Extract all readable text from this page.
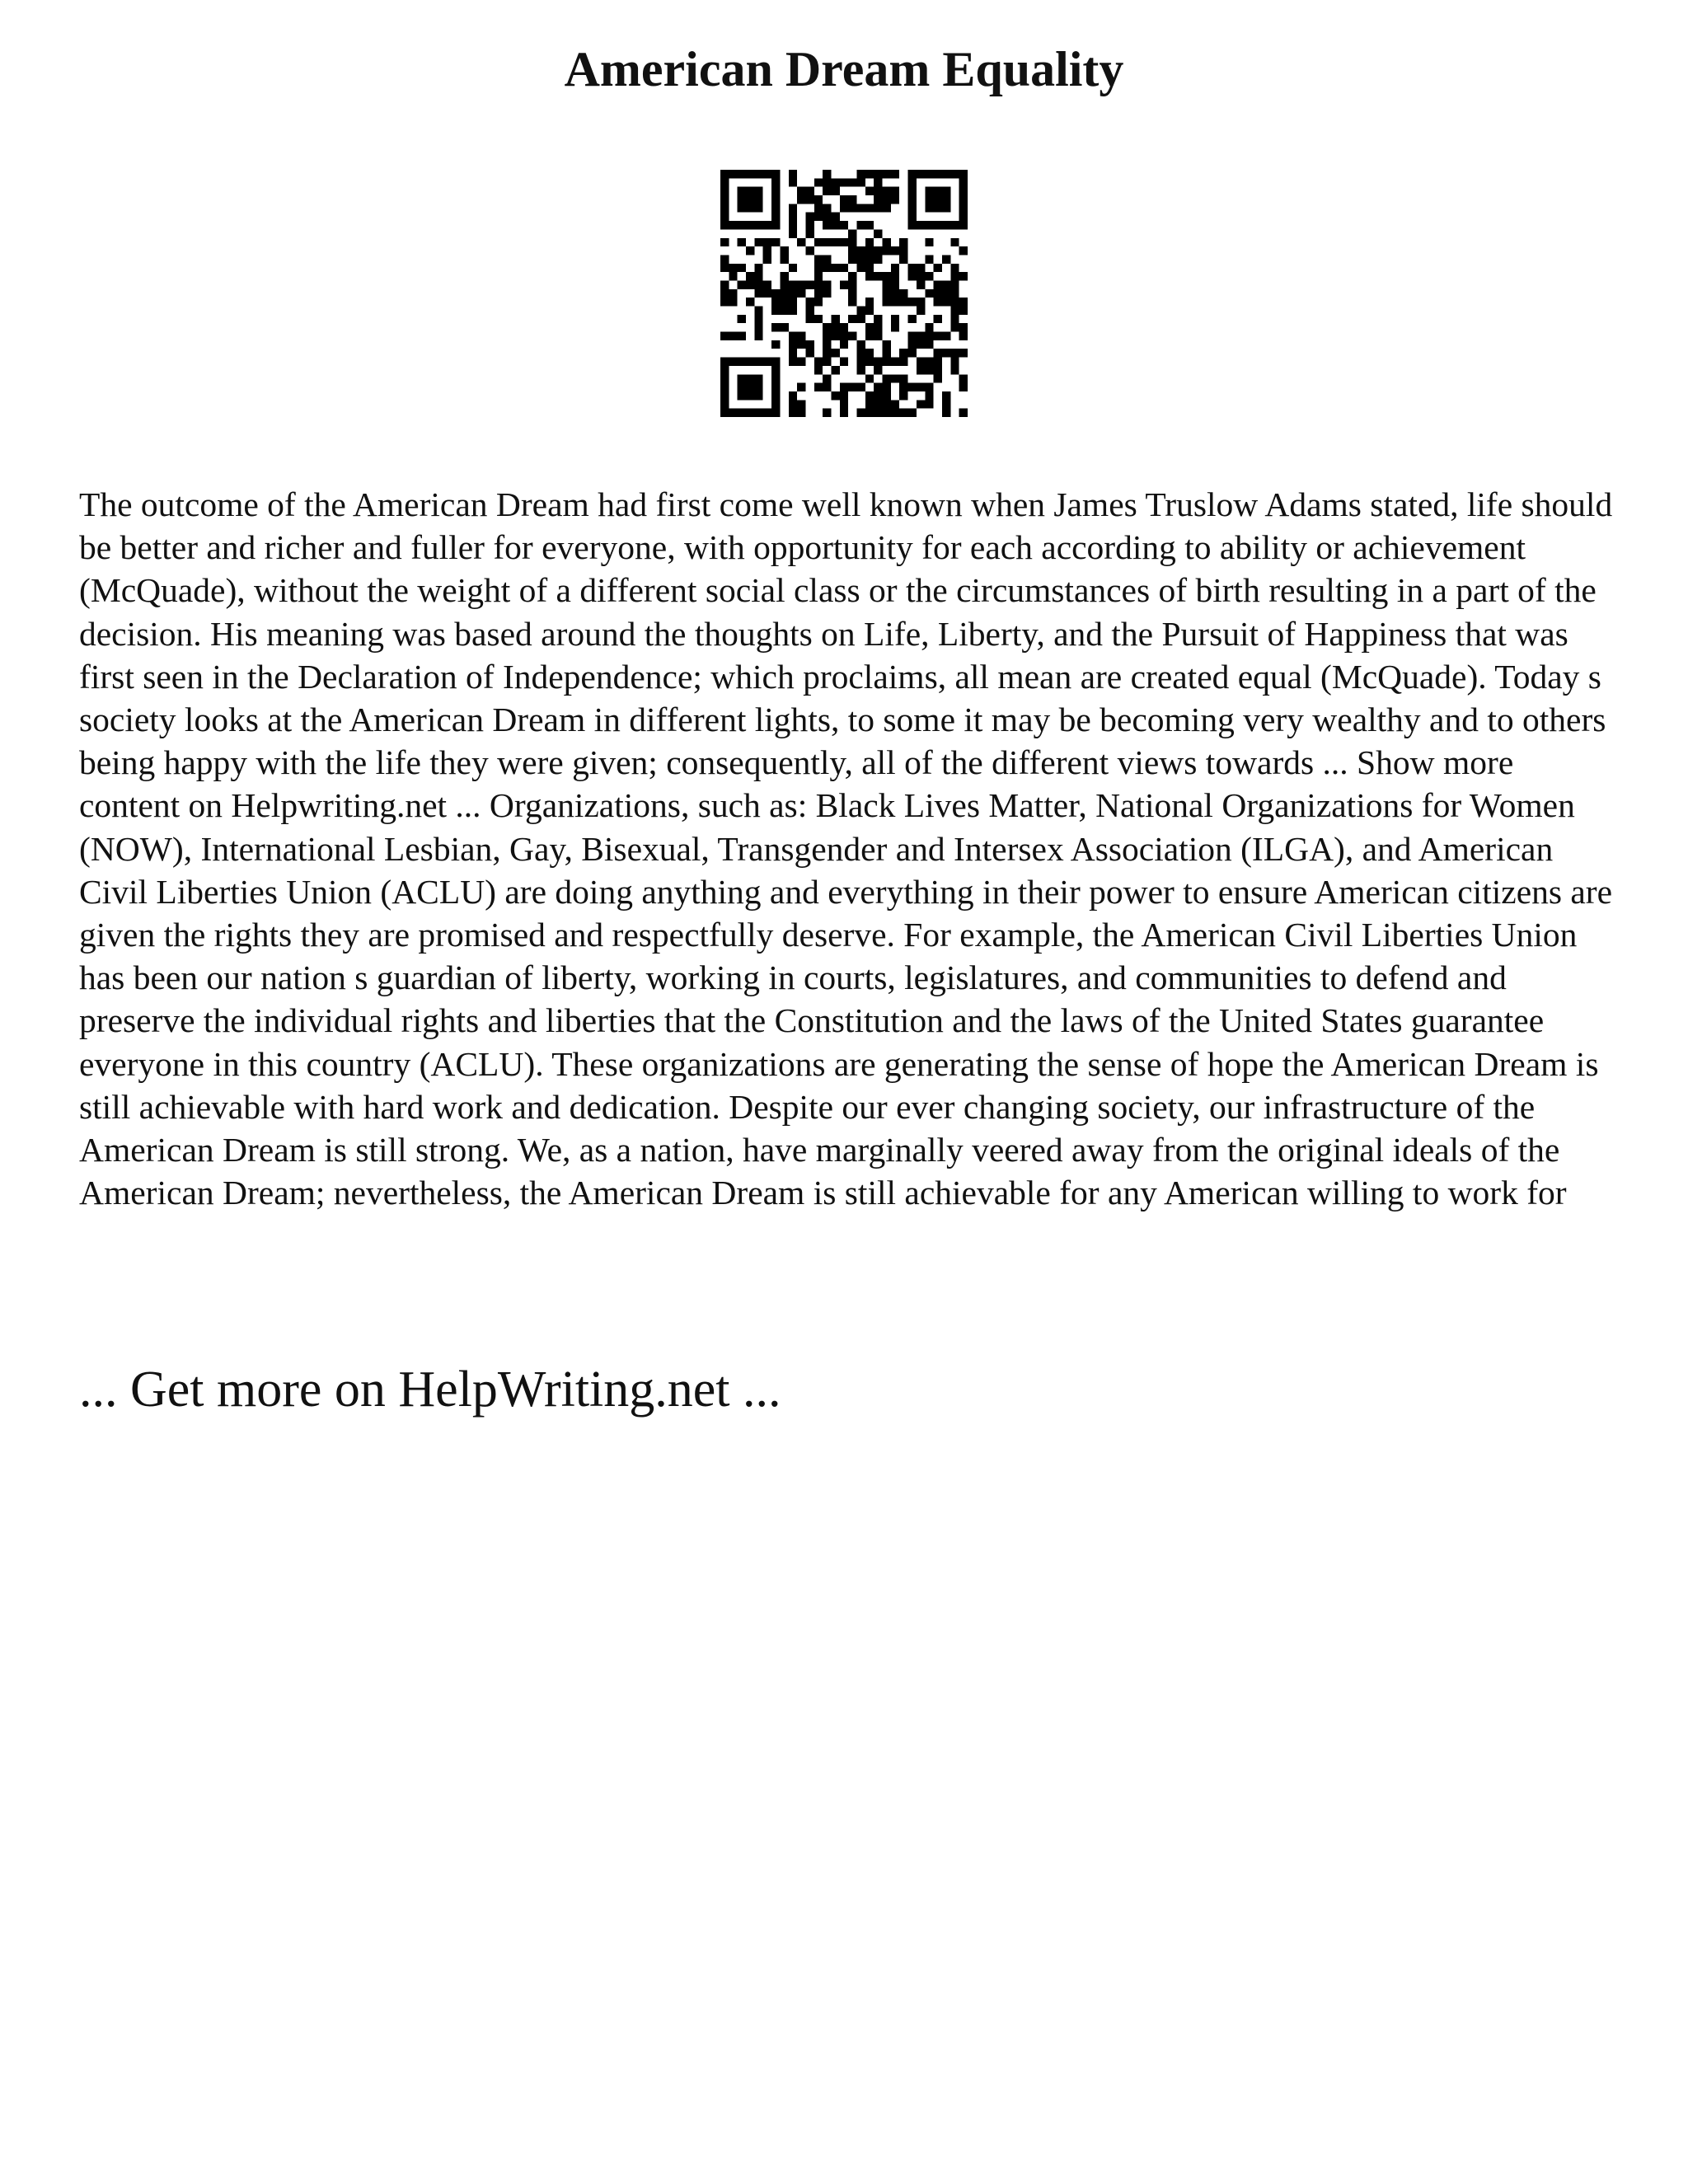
American Dream Equality

The outcome of the American Dream had first come well known when James Truslow Adams stated, life should be better and richer and fuller for everyone, with opportunity for each according to ability or achievement (McQuade), without the weight of a different social class or the circumstances of birth resulting in a part of the decision. His meaning was based around the thoughts on Life, Liberty, and the Pursuit of Happiness that was first seen in the Declaration of Independence; which proclaims, all mean are created equal (McQuade). Today s society looks at the American Dream in different lights, to some it may be becoming very wealthy and to others being happy with the life they were given; consequently, all of the different views towards ... Show more content on Helpwriting.net ... Organizations, such as: Black Lives Matter, National Organizations for Women (NOW), International Lesbian, Gay, Bisexual, Transgender and Intersex Association (ILGA), and American Civil Liberties Union (ACLU) are doing anything and everything in their power to ensure American citizens are given the rights they are promised and respectfully deserve. For example, the American Civil Liberties Union has been our nation s guardian of liberty, working in courts, legislatures, and communities to defend and preserve the individual rights and liberties that the Constitution and the laws of the United States guarantee everyone in this country (ACLU). These organizations are generating the sense of hope the American Dream is still achievable with hard work and dedication. Despite our ever changing society, our infrastructure of the American Dream is still strong. We, as a nation, have marginally veered away from the original ideals of the American Dream; nevertheless, the American Dream is still achievable for any American willing to work for

... Get more on HelpWriting.net ...
